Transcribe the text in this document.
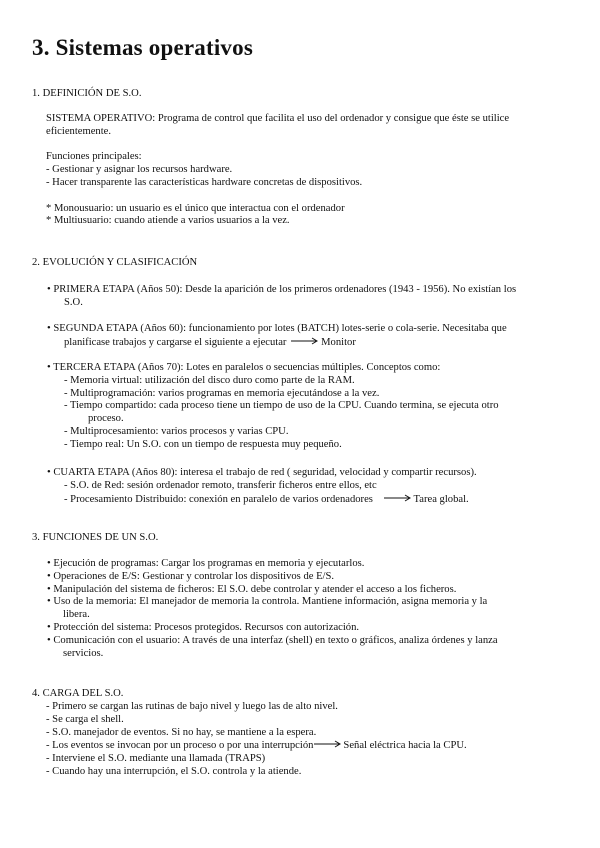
3. Sistemas operativos
1. DEFINICIÓN DE S.O.

SISTEMA OPERATIVO: Programa de control que facilita el uso del ordenador y consigue que éste se utilice

eficientemente.

Funciones principales:

- Gestionar y asignar los recursos hardware.

- Hacer transparente las características hardware concretas de dispositivos.

* Monousuario: un usuario es el único que interactua con el ordenador

* Multiusuario: cuando atiende a varios usuarios a la vez.

2. EVOLUCIÓN Y CLASIFICACIÓN
• PRIMERA ETAPA (Años 50): Desde la aparición de los primeros ordenadores (1943 - 1956). No existían los
S.O.
• SEGUNDA ETAPA (Años 60): funcionamiento por lotes (BATCH) lotes-serie o cola-serie. Necesitaba que
planificase trabajos y cargarse el siguiente a ejecutar	Monitor
• TERCERA ETAPA (Años 70): Lotes en paralelos o secuencias múltiples. Conceptos como:
- Memoria virtual: utilización del disco duro como parte de la RAM.
- Multiprogramación: varios programas en memoria ejecutándose a la vez.
- Tiempo compartido: cada proceso tiene un tiempo de uso de la CPU. Cuando termina, se ejecuta otro
proceso.
- Multiprocesamiento: varios procesos y varias CPU.
- Tiempo real: Un S.O. con un tiempo de respuesta muy pequeño.
• CUARTA ETAPA (Años 80): interesa el trabajo de red ( seguridad, velocidad y compartir recursos).
- S.O. de Red: sesión ordenador remoto, transferir ficheros entre ellos, etc
- Procesamiento Distribuido: conexión en paralelo de varios ordenadores	Tarea global.
3. FUNCIONES DE UN S.O.
• Ejecución de programas: Cargar los programas en memoria y ejecutarlos.
• Operaciones de E/S: Gestionar y controlar los dispositivos de E/S.
• Manipulación del sistema de ficheros: El S.O. debe controlar y atender el acceso a los ficheros.
• Uso de la memoria: El manejador de memoria la controla. Mantiene información, asigna memoria y la
libera.
• Protección del sistema: Procesos protegidos. Recursos con autorización.
• Comunicación con el usuario: A través de una interfaz (shell) en texto o gráficos, analiza órdenes y lanza
servicios.
4. CARGA DEL S.O.

- Primero se cargan las rutinas de bajo nivel y luego las de alto nivel.

- Se carga el shell.

- S.O. manejador de eventos. Si no hay, se mantiene a la espera.

- Los eventos se invocan por un proceso o por una interrupción	Señal eléctrica hacia la CPU.

- Interviene el S.O. mediante una llamada (TRAPS)

- Cuando hay una interrupción, el S.O. controla y la atiende.
